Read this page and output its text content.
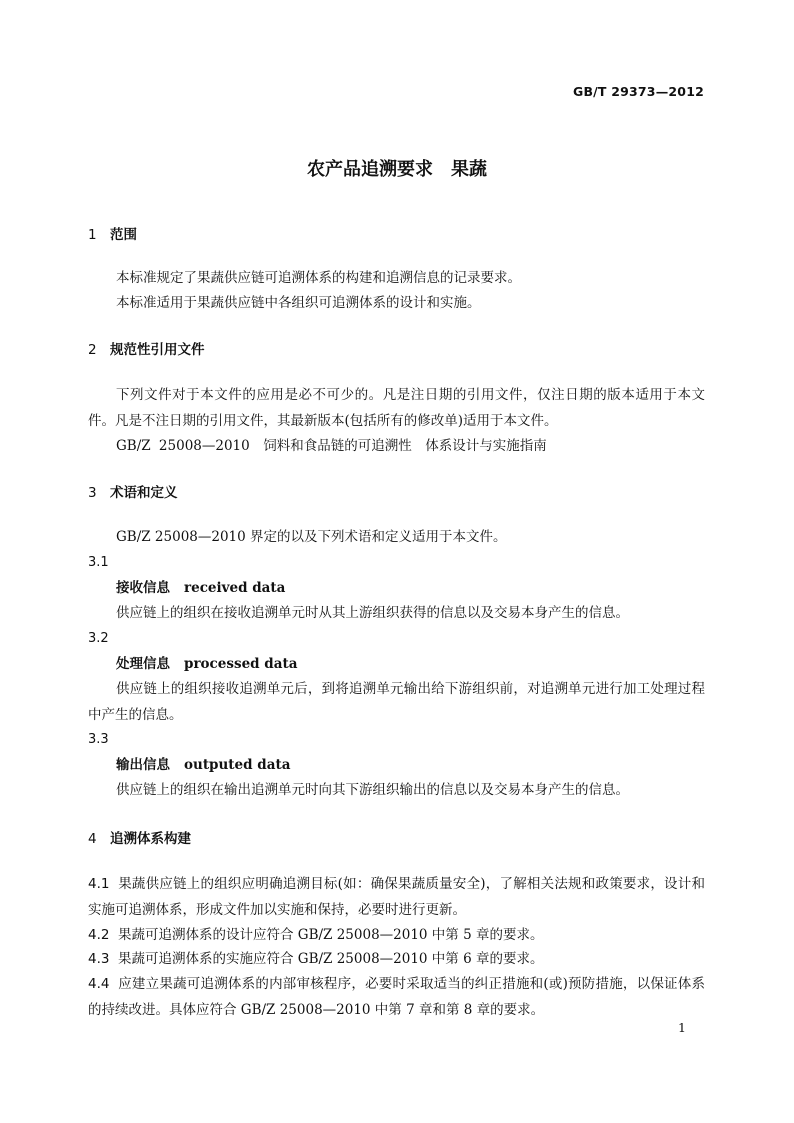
GB/T 29373—2012
农产品追溯要求　果蔬
1 范围
本标准规定了果蔬供应链可追溯体系的构建和追溯信息的记录要求。
本标准适用于果蔬供应链中各组织可追溯体系的设计和实施。
2 规范性引用文件
下列文件对于本文件的应用是必不可少的。凡是注日期的引用文件，仅注日期的版本适用于本文件。凡是不注日期的引用文件，其最新版本(包括所有的修改单)适用于本文件。
GB/Z 25008—2010　饲料和食品链的可追溯性　体系设计与实施指南
3 术语和定义
GB/Z 25008—2010 界定的以及下列术语和定义适用于本文件。
3.1
接收信息 received data
供应链上的组织在接收追溯单元时从其上游组织获得的信息以及交易本身产生的信息。
3.2
处理信息 processed data
供应链上的组织接收追溯单元后，到将追溯单元输出给下游组织前，对追溯单元进行加工处理过程中产生的信息。
3.3
输出信息 outputed data
供应链上的组织在输出追溯单元时向其下游组织输出的信息以及交易本身产生的信息。
4 追溯体系构建
4.1 果蔬供应链上的组织应明确追溯目标(如：确保果蔬质量安全)，了解相关法规和政策要求，设计和实施可追溯体系，形成文件加以实施和保持，必要时进行更新。
4.2 果蔬可追溯体系的设计应符合 GB/Z 25008—2010 中第 5 章的要求。
4.3 果蔬可追溯体系的实施应符合 GB/Z 25008—2010 中第 6 章的要求。
4.4 应建立果蔬可追溯体系的内部审核程序，必要时采取适当的纠正措施和(或)预防措施，以保证体系的持续改进。具体应符合 GB/Z 25008—2010 中第 7 章和第 8 章的要求。
1
